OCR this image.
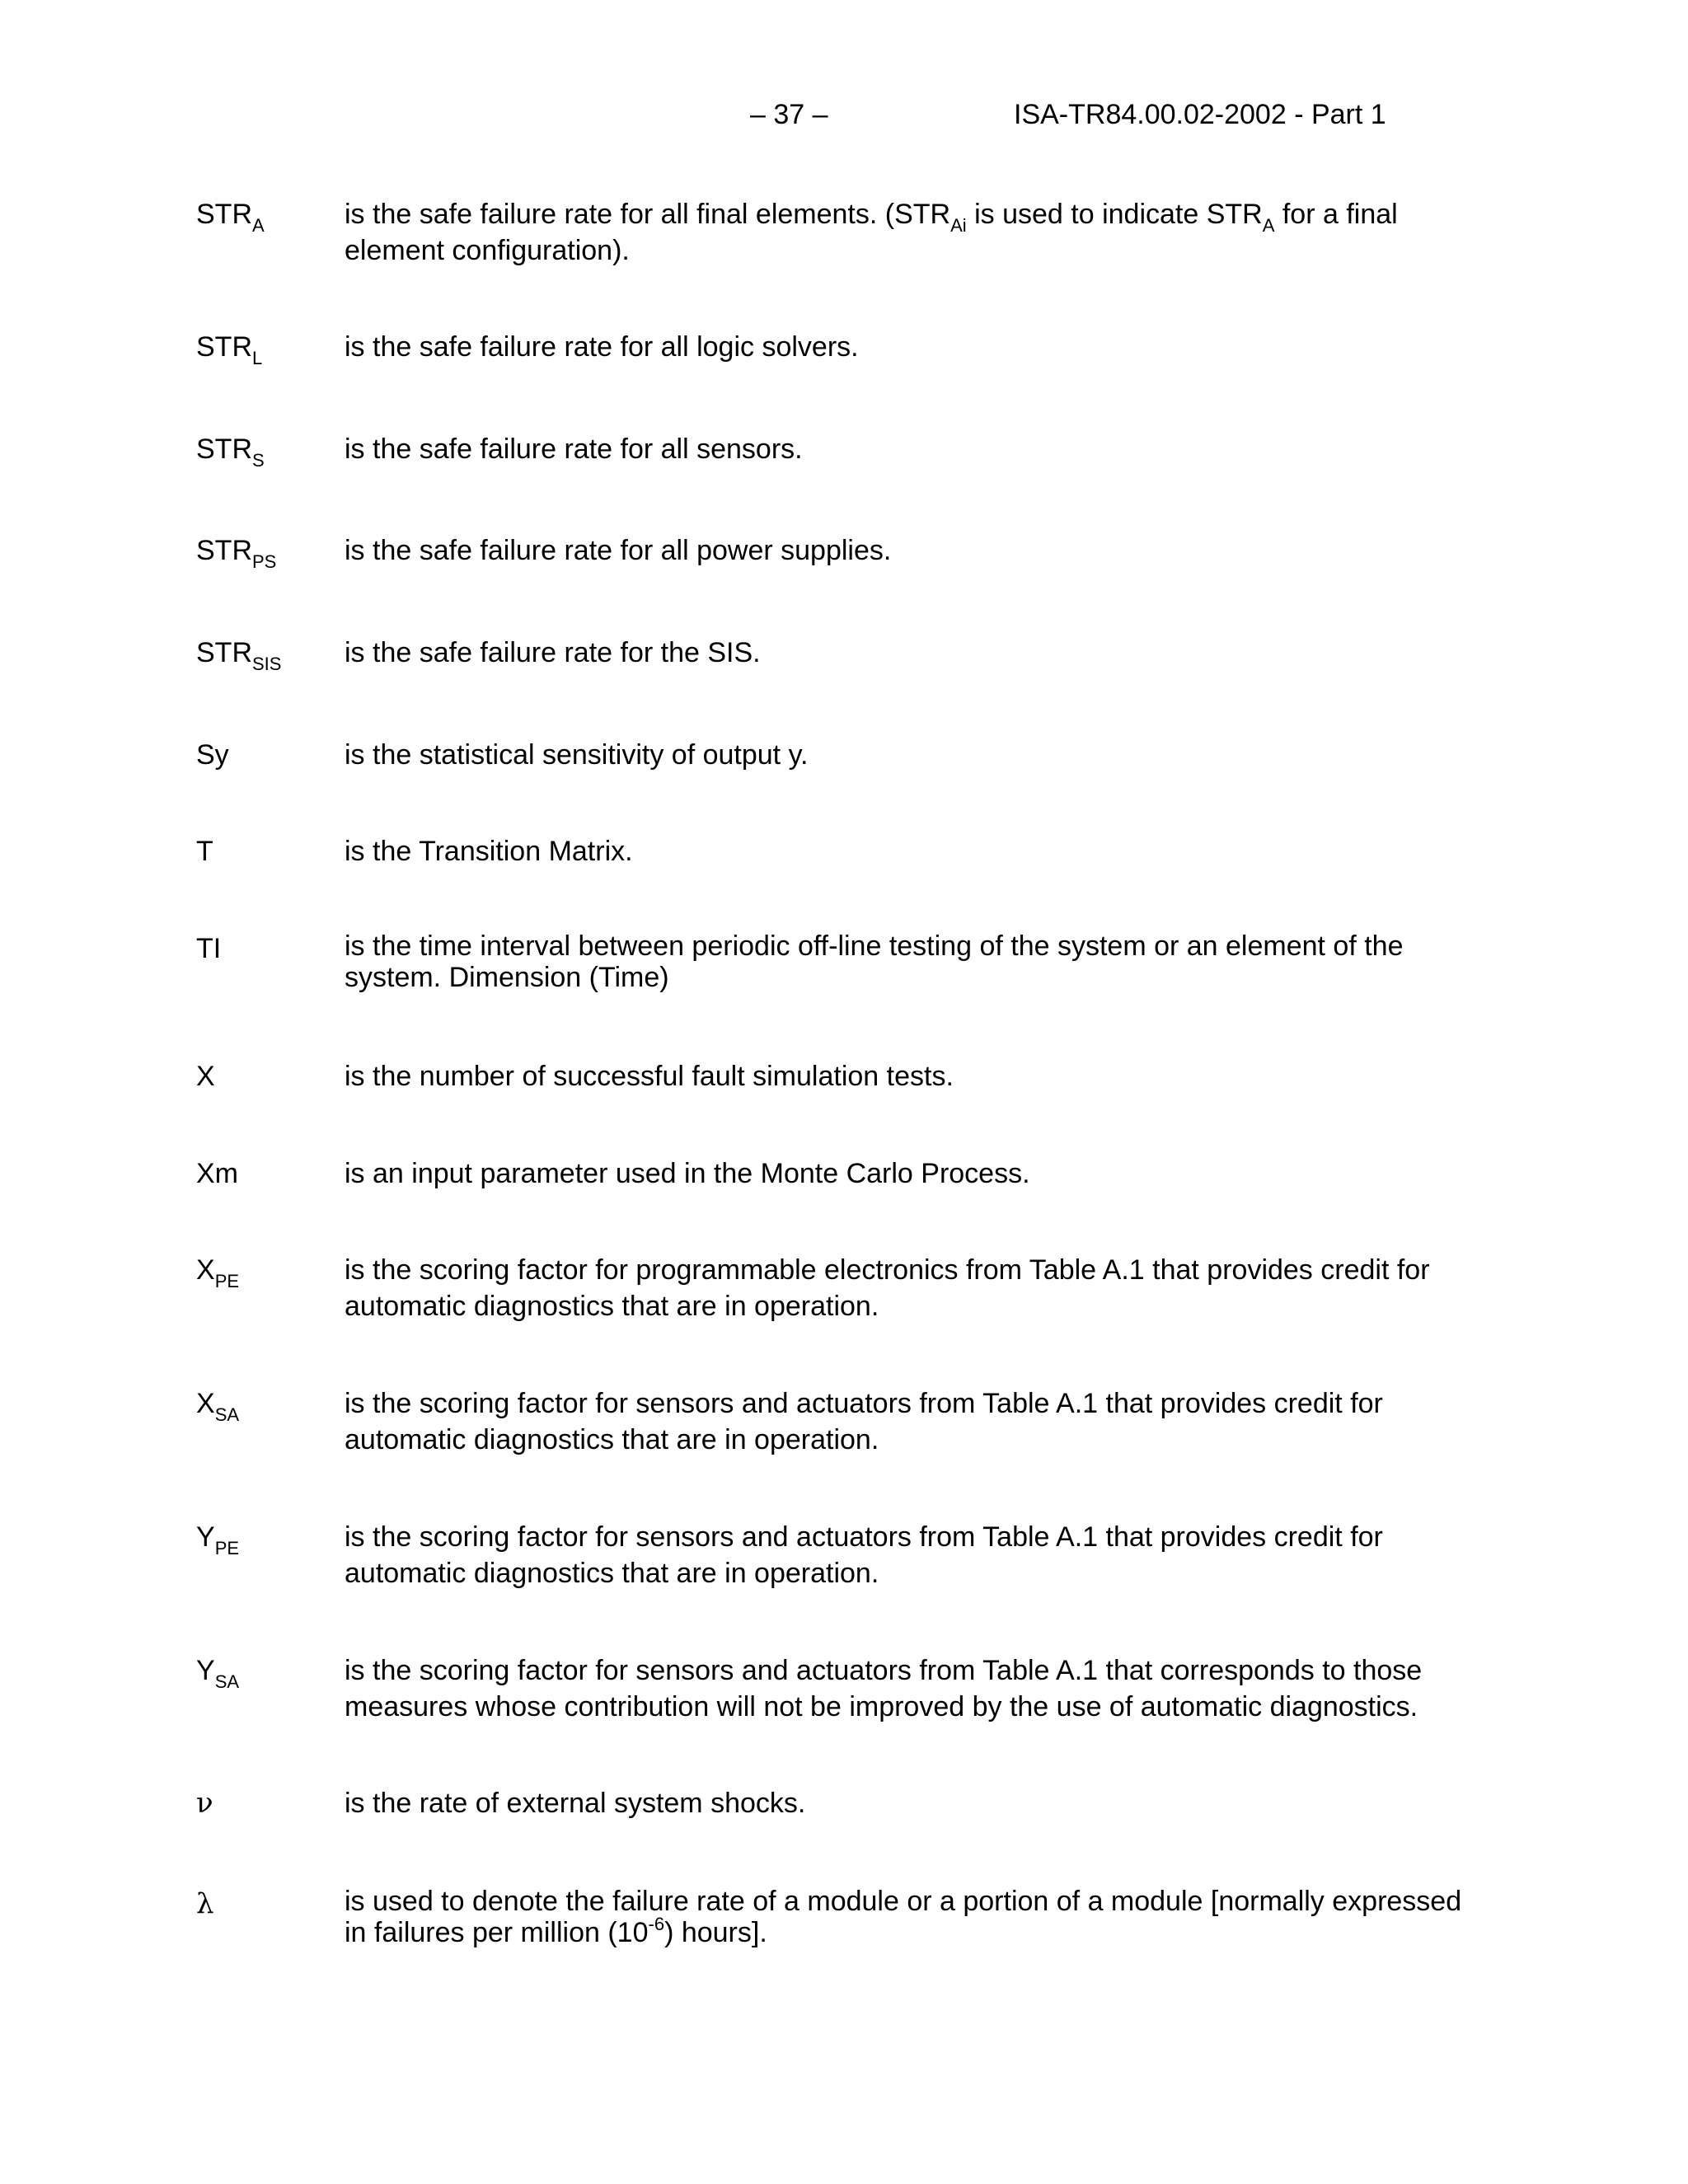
– 37 –	ISA-TR84.00.02-2002 - Part 1
$STR_A$	is the safe failure rate for all final elements. ($STR_{Ai}$ is used to indicate $STR_A$ for a final element configuration).
$STR_L$	is the safe failure rate for all logic solvers.
$STR_S$	is the safe failure rate for all sensors.
$STR_{PS}$ is the safe failure rate for all power supplies.
$STR_{SIS}$ is the safe failure rate for the SIS.
Sy	is the statistical sensitivity of output y.
T	is the Transition Matrix.
TI	is the time interval between periodic off-line testing of the system or an element of the system. Dimension (Time)
X	is the number of successful fault simulation tests.
Xm	is an input parameter used in the Monte Carlo Process.
$X_{PE}$	is the scoring factor for programmable electronics from Table A.1 that provides credit for automatic diagnostics that are in operation.
$X_{SA}$	is the scoring factor for sensors and actuators from Table A.1 that provides credit for automatic diagnostics that are in operation.
$Y_{PE}$	is the scoring factor for sensors and actuators from Table A.1 that provides credit for automatic diagnostics that are in operation.
$Y_{SA}$	is the scoring factor for sensors and actuators from Table A.1 that corresponds to those measures whose contribution will not be improved by the use of automatic diagnostics.
ν	is the rate of external system shocks.
λ	is used to denote the failure rate of a module or a portion of a module [normally expressed in failures per million $(10^{-6})$ hours].
